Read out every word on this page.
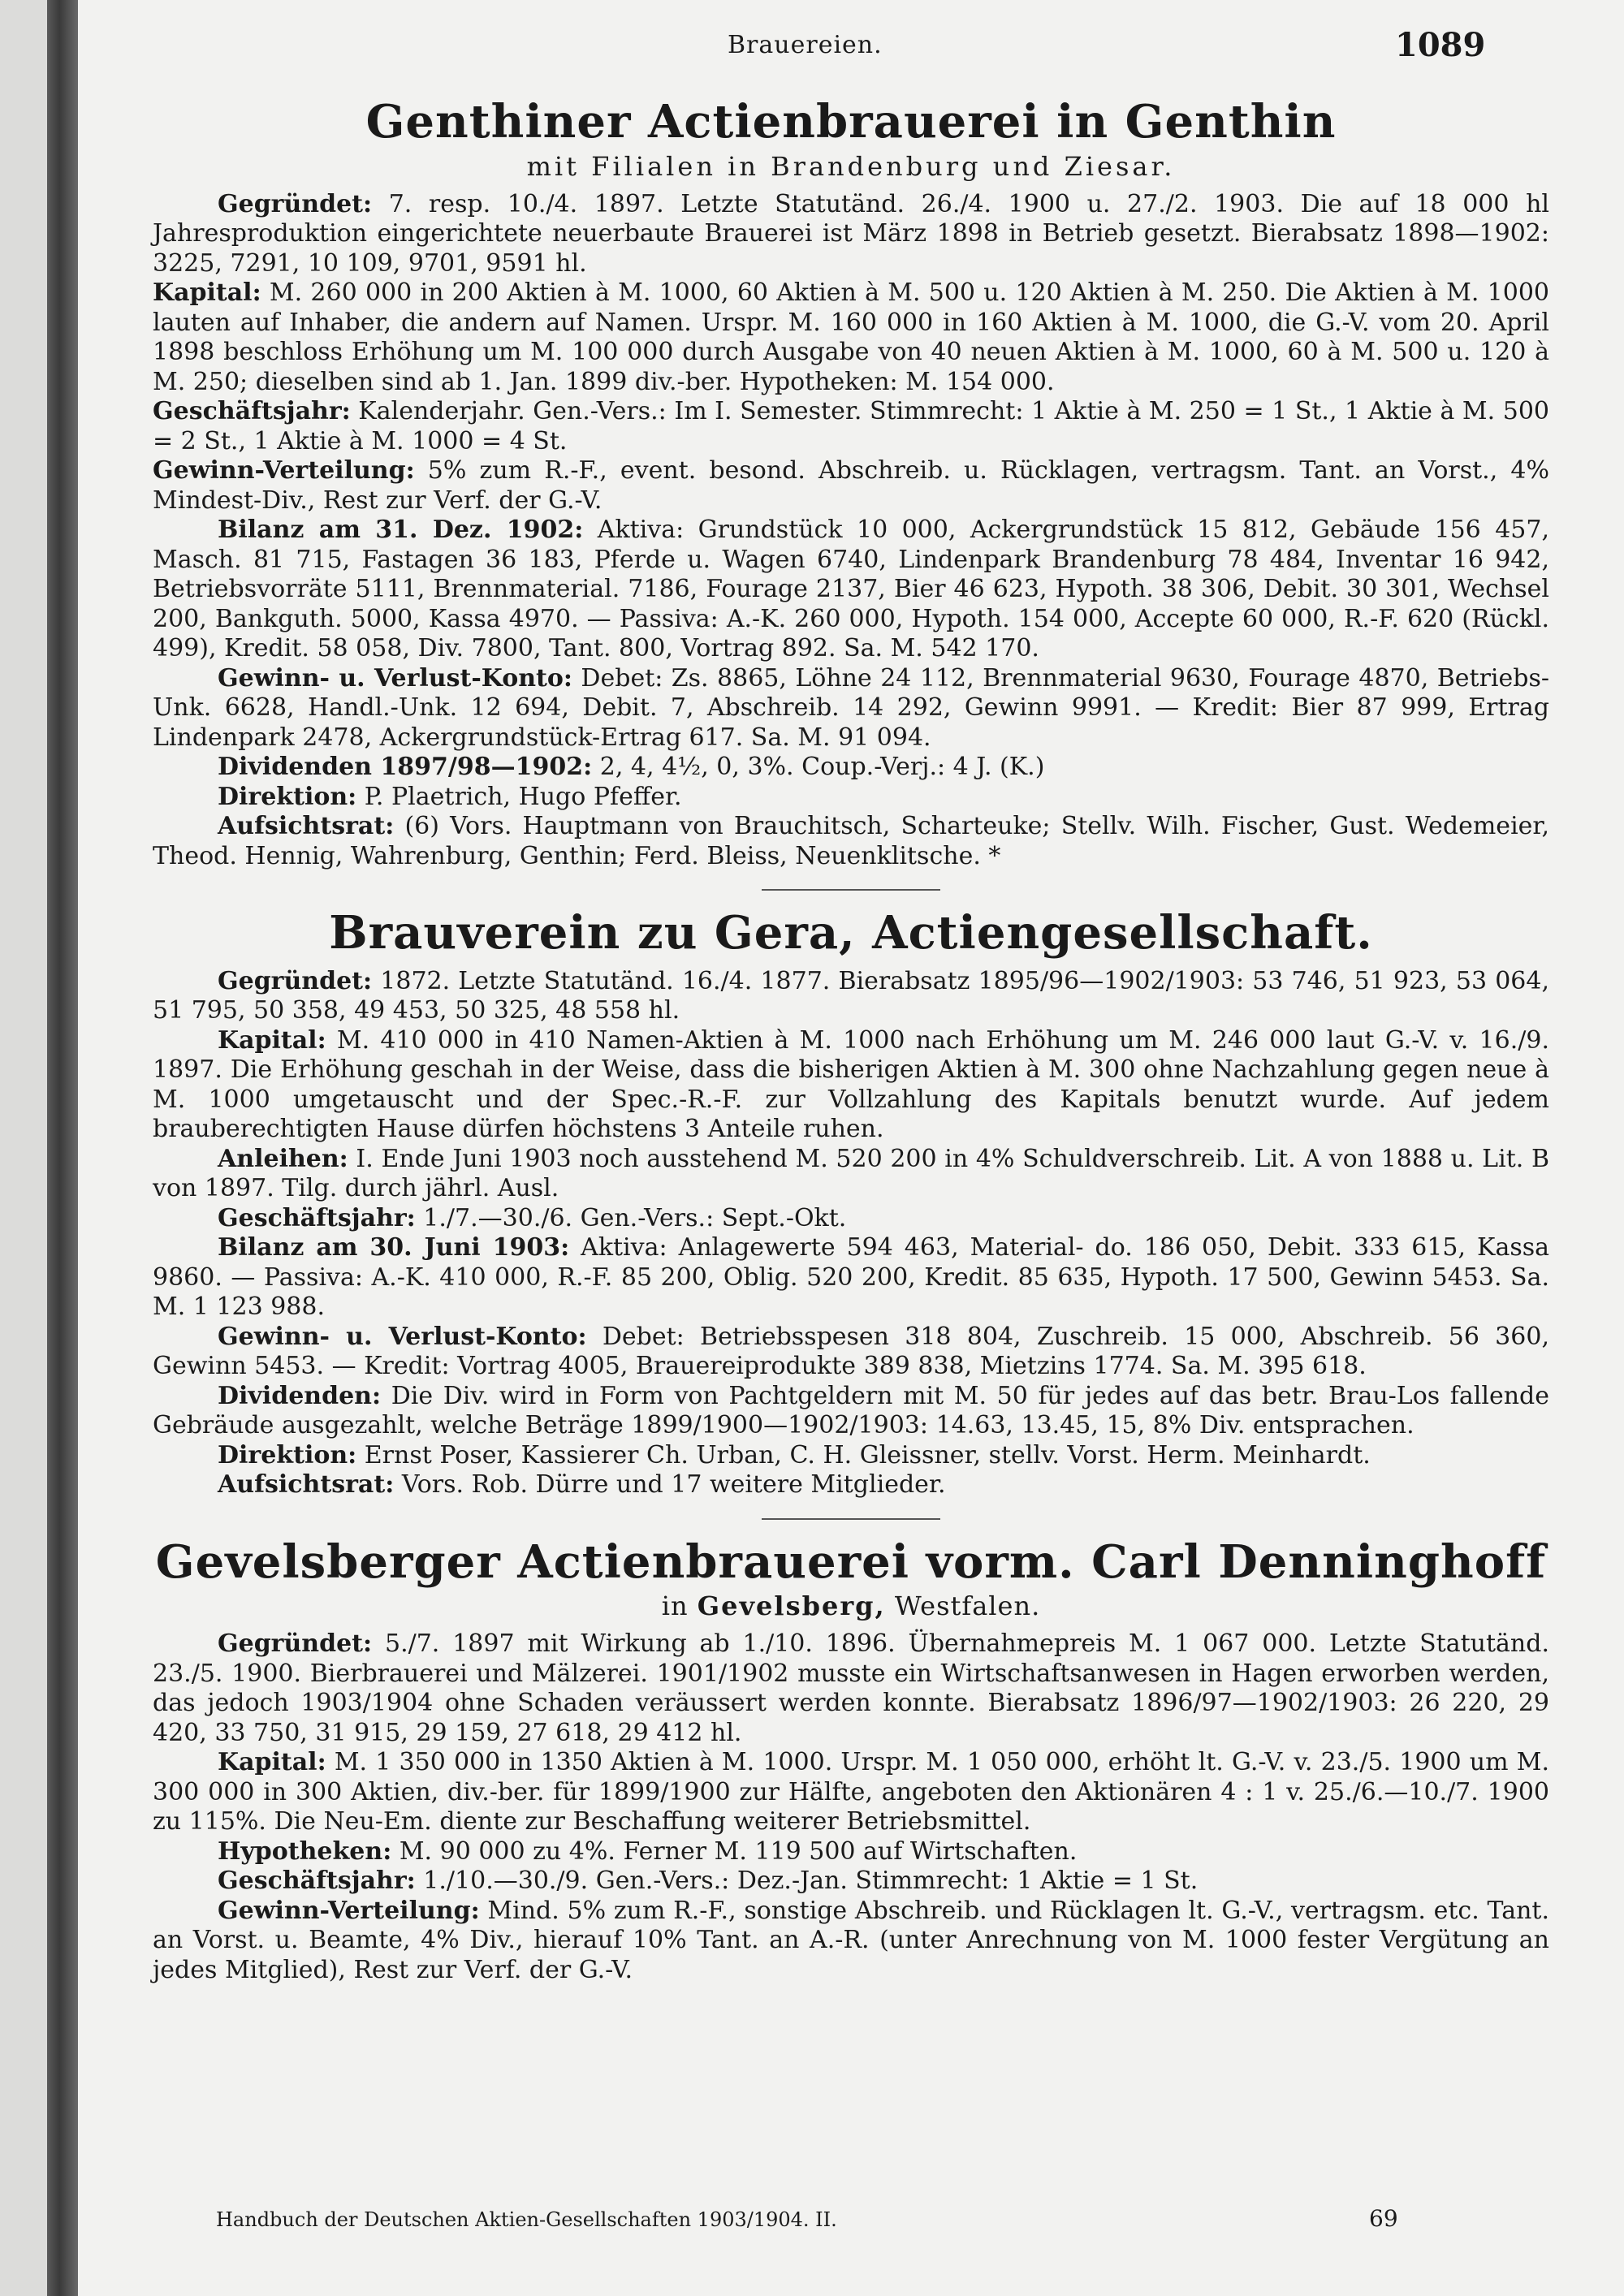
Brauereien.	1089
Genthiner Actienbrauerei in Genthin
mit Filialen in Brandenburg und Ziesar.

Gegründet: 7. resp. 10./4. 1897. Letzte Statutänd. 26./4. 1900 u. 27./2. 1903. Die auf 18 000 hl Jahresproduktion eingerichtete neuerbaute Brauerei ist März 1898 in Betrieb gesetzt. Bierabsatz 1898—1902: 3225, 7291, 10 109, 9701, 9591 hl.

Kapital: M. 260 000 in 200 Aktien à M. 1000, 60 Aktien à M. 500 u. 120 Aktien à M. 250. Die Aktien à M. 1000 lauten auf Inhaber, die andern auf Namen. Urspr. M. 160 000 in 160 Aktien à M. 1000, die G.-V. vom 20. April 1898 beschloss Erhöhung um M. 100 000 durch Ausgabe von 40 neuen Aktien à M. 1000, 60 à M. 500 u. 120 à M. 250; dieselben sind ab 1. Jan. 1899 div.-ber. Hypotheken: M. 154 000.

Geschäftsjahr: Kalenderjahr. Gen.-Vers.: Im I. Semester. Stimmrecht: 1 Aktie à M. 250 = 1 St., 1 Aktie à M. 500 = 2 St., 1 Aktie à M. 1000 = 4 St.

Gewinn-Verteilung: 5% zum R.-F., event. besond. Abschreib. u. Rücklagen, vertragsm. Tant. an Vorst., 4% Mindest-Div., Rest zur Verf. der G.-V.

Bilanz am 31. Dez. 1902: Aktiva: Grundstück 10 000, Ackergrundstück 15 812, Gebäude 156 457, Masch. 81 715, Fastagen 36 183, Pferde u. Wagen 6740, Lindenpark Brandenburg 78 484, Inventar 16 942, Betriebsvorräte 5111, Brennmaterial. 7186, Fourage 2137, Bier 46 623, Hypoth. 38 306, Debit. 30 301, Wechsel 200, Bankguth. 5000, Kassa 4970. — Passiva: A.-K. 260 000, Hypoth. 154 000, Accepte 60 000, R.-F. 620 (Rückl. 499), Kredit. 58 058, Div. 7800, Tant. 800, Vortrag 892. Sa. M. 542 170.

Gewinn- u. Verlust-Konto: Debet: Zs. 8865, Löhne 24 112, Brennmaterial 9630, Fourage 4870, Betriebs-Unk. 6628, Handl.-Unk. 12 694, Debit. 7, Abschreib. 14 292, Gewinn 9991. — Kredit: Bier 87 999, Ertrag Lindenpark 2478, Ackergrundstück-Ertrag 617. Sa. M. 91 094.

Dividenden 1897/98—1902: 2, 4, 4½, 0, 3%. Coup.-Verj.: 4 J. (K.)

Direktion: P. Plaetrich, Hugo Pfeffer.

Aufsichtsrat: (6) Vors. Hauptmann von Brauchitsch, Scharteuke; Stellv. Wilh. Fischer, Gust. Wedemeier, Theod. Hennig, Wahrenburg, Genthin; Ferd. Bleiss, Neuenklitsche. *

Brauverein zu Gera, Actiengesellschaft.

Gegründet: 1872. Letzte Statutänd. 16./4. 1877. Bierabsatz 1895/96—1902/1903: 53 746, 51 923, 53 064, 51 795, 50 358, 49 453, 50 325, 48 558 hl.

Kapital: M. 410 000 in 410 Namen-Aktien à M. 1000 nach Erhöhung um M. 246 000 laut G.-V. v. 16./9. 1897. Die Erhöhung geschah in der Weise, dass die bisherigen Aktien à M. 300 ohne Nachzahlung gegen neue à M. 1000 umgetauscht und der Spec.-R.-F. zur Vollzahlung des Kapitals benutzt wurde. Auf jedem brauberechtigten Hause dürfen höchstens 3 Anteile ruhen.

Anleihen: I. Ende Juni 1903 noch ausstehend M. 520 200 in 4% Schuldverschreib. Lit. A von 1888 u. Lit. B von 1897. Tilg. durch jährl. Ausl.

Geschäftsjahr: 1./7.—30./6. Gen.-Vers.: Sept.-Okt.

Bilanz am 30. Juni 1903: Aktiva: Anlagewerte 594 463, Material- do. 186 050, Debit. 333 615, Kassa 9860. — Passiva: A.-K. 410 000, R.-F. 85 200, Oblig. 520 200, Kredit. 85 635, Hypoth. 17 500, Gewinn 5453. Sa. M. 1 123 988.

Gewinn- u. Verlust-Konto: Debet: Betriebsspesen 318 804, Zuschreib. 15 000, Abschreib. 56 360, Gewinn 5453. — Kredit: Vortrag 4005, Brauereiprodukte 389 838, Mietzins 1774. Sa. M. 395 618.

Dividenden: Die Div. wird in Form von Pachtgeldern mit M. 50 für jedes auf das betr. Brau-Los fallende Gebräude ausgezahlt, welche Beträge 1899/1900—1902/1903: 14.63, 13.45, 15, 8% Div. entsprachen.

Direktion: Ernst Poser, Kassierer Ch. Urban, C. H. Gleissner, stellv. Vorst. Herm. Meinhardt.

Aufsichtsrat: Vors. Rob. Dürre und 17 weitere Mitglieder.

Gevelsberger Actienbrauerei vorm. Carl Denninghoff
in Gevelsberg, Westfalen.

Gegründet: 5./7. 1897 mit Wirkung ab 1./10. 1896. Übernahmepreis M. 1 067 000. Letzte Statutänd. 23./5. 1900. Bierbrauerei und Mälzerei. 1901/1902 musste ein Wirtschaftsanwesen in Hagen erworben werden, das jedoch 1903/1904 ohne Schaden veräussert werden konnte. Bierabsatz 1896/97—1902/1903: 26 220, 29 420, 33 750, 31 915, 29 159, 27 618, 29 412 hl.

Kapital: M. 1 350 000 in 1350 Aktien à M. 1000. Urspr. M. 1 050 000, erhöht lt. G.-V. v. 23./5. 1900 um M. 300 000 in 300 Aktien, div.-ber. für 1899/1900 zur Hälfte, angeboten den Aktionären 4 : 1 v. 25./6.—10./7. 1900 zu 115%. Die Neu-Em. diente zur Beschaffung weiterer Betriebsmittel.

Hypotheken: M. 90 000 zu 4%. Ferner M. 119 500 auf Wirtschaften.

Geschäftsjahr: 1./10.—30./9. Gen.-Vers.: Dez.-Jan. Stimmrecht: 1 Aktie = 1 St.

Gewinn-Verteilung: Mind. 5% zum R.-F., sonstige Abschreib. und Rücklagen lt. G.-V., vertragsm. etc. Tant. an Vorst. u. Beamte, 4% Div., hierauf 10% Tant. an A.-R. (unter Anrechnung von M. 1000 fester Vergütung an jedes Mitglied), Rest zur Verf. der G.-V.

Handbuch der Deutschen Aktien-Gesellschaften 1903/1904. II.	69
